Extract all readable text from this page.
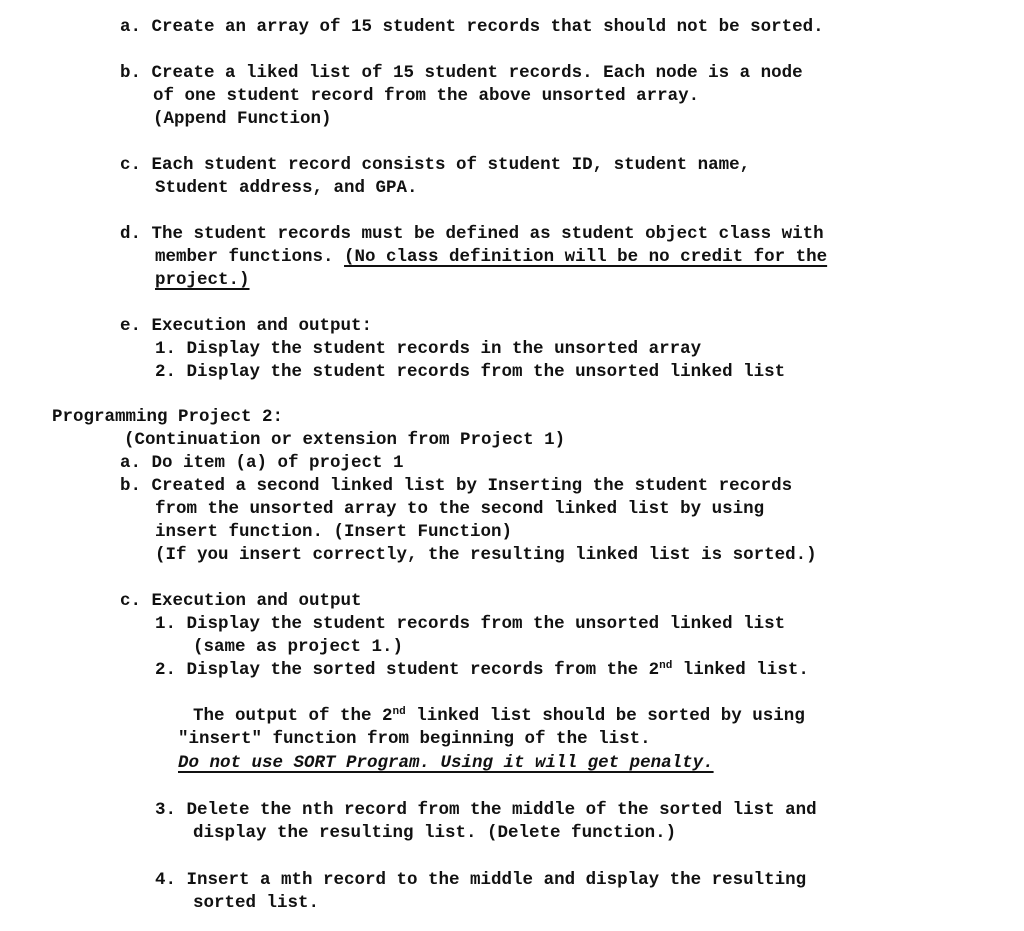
a. Create an array of 15 student records that should not be sorted.

b. Create a liked list of 15 student records. Each node is a node

of one student record from the above unsorted array.

(Append Function)

c. Each student record consists of student ID, student name,

Student address, and GPA.

d. The student records must be defined as student object class with

member functions. (No class definition will be no credit for the

project.)

e. Execution and output:

1. Display the student records in the unsorted array

2. Display the student records from the unsorted linked list

Programming Project 2:

(Continuation or extension from Project 1)

a. Do item (a) of project 1

b. Created a second linked list by Inserting the student records

from the unsorted array to the second linked list by using

insert function. (Insert Function)

(If you insert correctly, the resulting linked list is sorted.)

c. Execution and output

1. Display the student records from the unsorted linked list

(same as project 1.)

2. Display the sorted student records from the 2nd linked list.

The output of the 2nd linked list should be sorted by using

"insert" function from beginning of the list.

Do not use SORT Program. Using it will get penalty.

3. Delete the nth record from the middle of the sorted list and

display the resulting list. (Delete function.)

4. Insert a mth record to the middle and display the resulting

sorted list.
